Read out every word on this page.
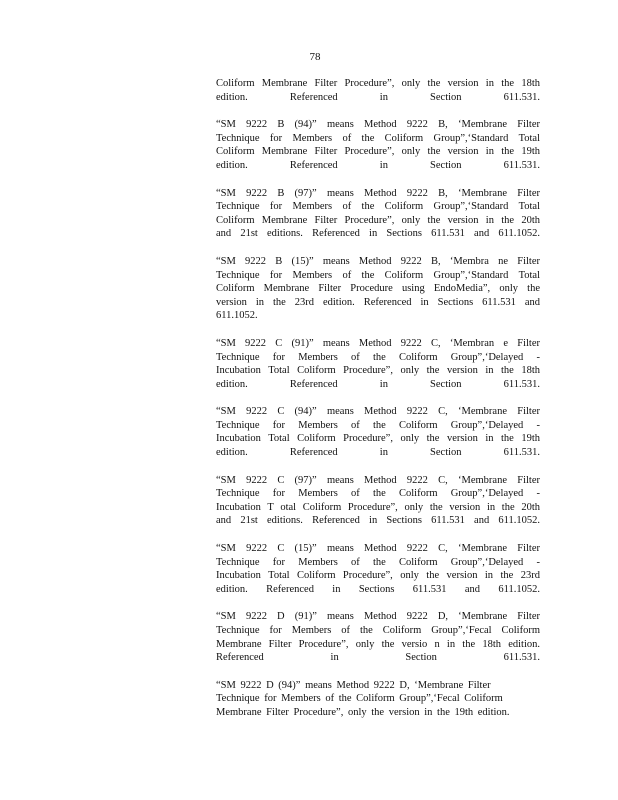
78

Coliform Membrane Filter Procedure”, only the version in the 18th
edition. Referenced in Section 611.531.

“SM 9222 B (94)” means Method 9222 B, ‘Membrane Filter
Technique for Members of the Coliform Group”,‘Standard Total
Coliform Membrane Filter Procedure”, only the version in the 19th
edition. Referenced in Section 611.531.

“SM 9222 B (97)” means Method 9222 B, ‘Membrane Filter
Technique for Members of the Coliform Group”,‘Standard Total
Coliform Membrane Filter Procedure”, only the version in the 20th
and 21st editions. Referenced in Sections 611.531 and 611.1052.

“SM 9222 B (15)” means Method 9222 B, ‘Membra ne Filter
Technique for Members of the Coliform Group”,‘Standard Total
Coliform Membrane Filter Procedure using EndoMedia”, only the
version in the 23rd edition. Referenced in Sections 611.531 and
611.1052.

“SM 9222 C (91)” means Method 9222 C, ‘Membran e Filter
Technique for Members of the Coliform Group”,‘Delayed -
Incubation Total Coliform Procedure”, only the version in the 18th
edition. Referenced in Section 611.531.

“SM 9222 C (94)” means Method 9222 C, ‘Membrane Filter
Technique for Members of the Coliform Group”,‘Delayed -
Incubation Total Coliform Procedure”, only the version in the 19th
edition. Referenced in Section 611.531.

“SM 9222 C (97)” means Method 9222 C, ‘Membrane Filter
Technique for Members of the Coliform Group”,‘Delayed -
Incubation T otal Coliform Procedure”, only the version in the 20th
and 21st editions. Referenced in Sections 611.531 and 611.1052.

“SM 9222 C (15)” means Method 9222 C, ‘Membrane Filter
Technique for Members of the Coliform Group”,‘Delayed -
Incubation Total Coliform Procedure”, only the version in the 23rd
edition. Referenced in Sections 611.531 and 611.1052.

“SM 9222 D (91)” means Method 9222 D, ‘Membrane Filter
Technique for Members of the Coliform Group”,‘Fecal Coliform
Membrane Filter Procedure”, only the versio n in the 18th edition.
Referenced in Section 611.531.

“SM 9222 D (94)” means Method 9222 D, ‘Membrane Filter
Technique for Members of the Coliform Group”,‘Fecal Coliform
Membrane Filter Procedure”, only the version in the 19th edition.
